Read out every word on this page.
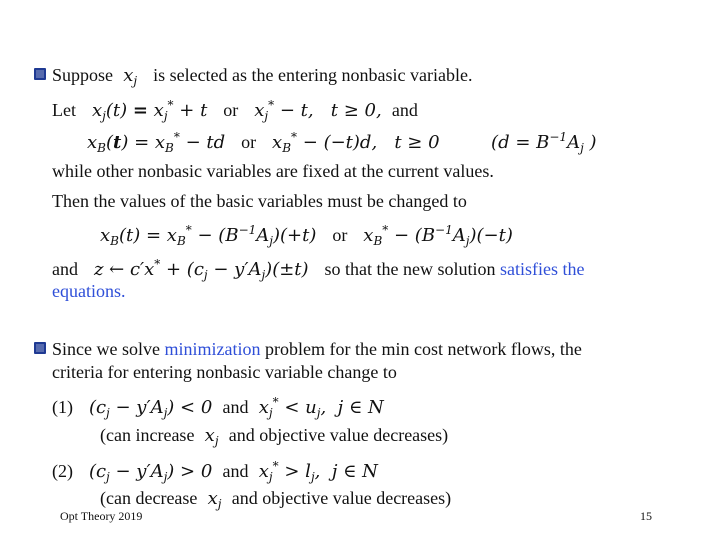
Suppose  $x_j$ is selected as the entering nonbasic variable.
Let   $x_j(t) = x_j^* + t$   or   $x_j^* - t$,   t ≥ 0,  and
$x_B(t) = x_B^*$ − td   or   $x_B^* - (-t)d$,   t ≥ 0         ($d = B^{-1}A_j$ )
while other nonbasic variables are fixed at the current values.
Then the values of the basic variables must be changed to
$x_B(t) = x_B^* - (B^{-1}A_j)(+t)$   or   $x_B^* - (B^{-1}A_j)(-t)$
and   z ← $c'x^* + (c_j - y'A_j)(\pm t)$   so that the new solution satisfies the
equations.
Since we solve minimization problem for the min cost network flows, the
criteria for entering nonbasic variable change to
(1)   $(c_j - y'A_j) < 0$  and  $x_j^* < u_j$,  j ∈ N
(can increase  $x_j$ and objective value decreases)
(2)   $(c_j - y'A_j) > 0$  and  $x_j^* > l_j$,  j ∈ N
(can decrease  $x_j$ and objective value decreases)
Opt Theory 2019	15
